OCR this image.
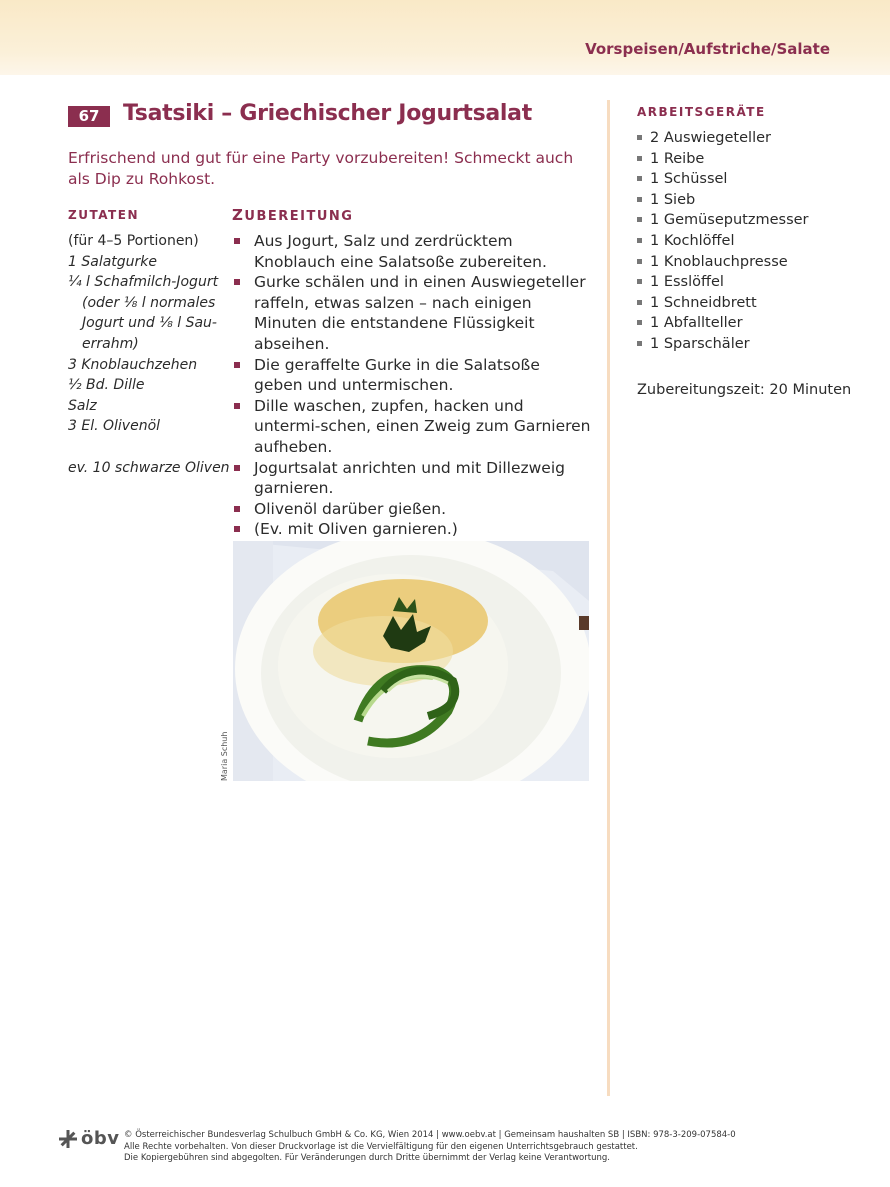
Vorspeisen/Aufstriche/Salate
67	Tsatsiki – Griechischer Jogurtsalat

Erfrischend und gut für eine Party vorzubereiten! Schmeckt auch als Dip zu Rohkost.

ZUTATEN
(für 4–5 Portionen)
1 Salatgurke
¼ l Schafmilch-Jogurt
(oder ⅛ l normales
Jogurt und ⅛ l Sau-
errahm)
3 Knoblauchzehen
½ Bd. Dille
Salz
3 El. Olivenöl
ev. 10 schwarze Oliven
ZUBEREITUNG
Aus Jogurt, Salz und zerdrücktem Knoblauch eine Salatsoße zubereiten.
Gurke schälen und in einen Auswiegeteller raffeln, etwas salzen – nach einigen Minuten die entstandene Flüssigkeit abseihen.
Die geraffelte Gurke in die Salatsoße geben und untermischen.
Dille waschen, zupfen, hacken und untermi-schen, einen Zweig zum Garnieren aufheben.
Jogurtsalat anrichten und mit Dillezweig garnieren.
Olivenöl darüber gießen.
(Ev. mit Oliven garnieren.)
Maria Schuh
ARBEITSGERÄTE
2 Auswiegeteller
1 Reibe
1 Schüssel
1 Sieb
1 Gemüseputzmesser
1 Kochlöffel
1 Knoblauchpresse
1 Esslöffel
1 Schneidbrett
1 Abfallteller
1 Sparschäler
Zubereitungszeit: 20 Minuten
öbv © Österreichischer Bundesverlag Schulbuch GmbH & Co. KG, Wien 2014 | www.oebv.at | Gemeinsam haushalten SB | ISBN: 978-3-209-07584-0
Alle Rechte vorbehalten. Von dieser Druckvorlage ist die Vervielfältigung für den eigenen Unterrichtsgebrauch gestattet.
Die Kopiergebühren sind abgegolten. Für Veränderungen durch Dritte übernimmt der Verlag keine Verantwortung.
